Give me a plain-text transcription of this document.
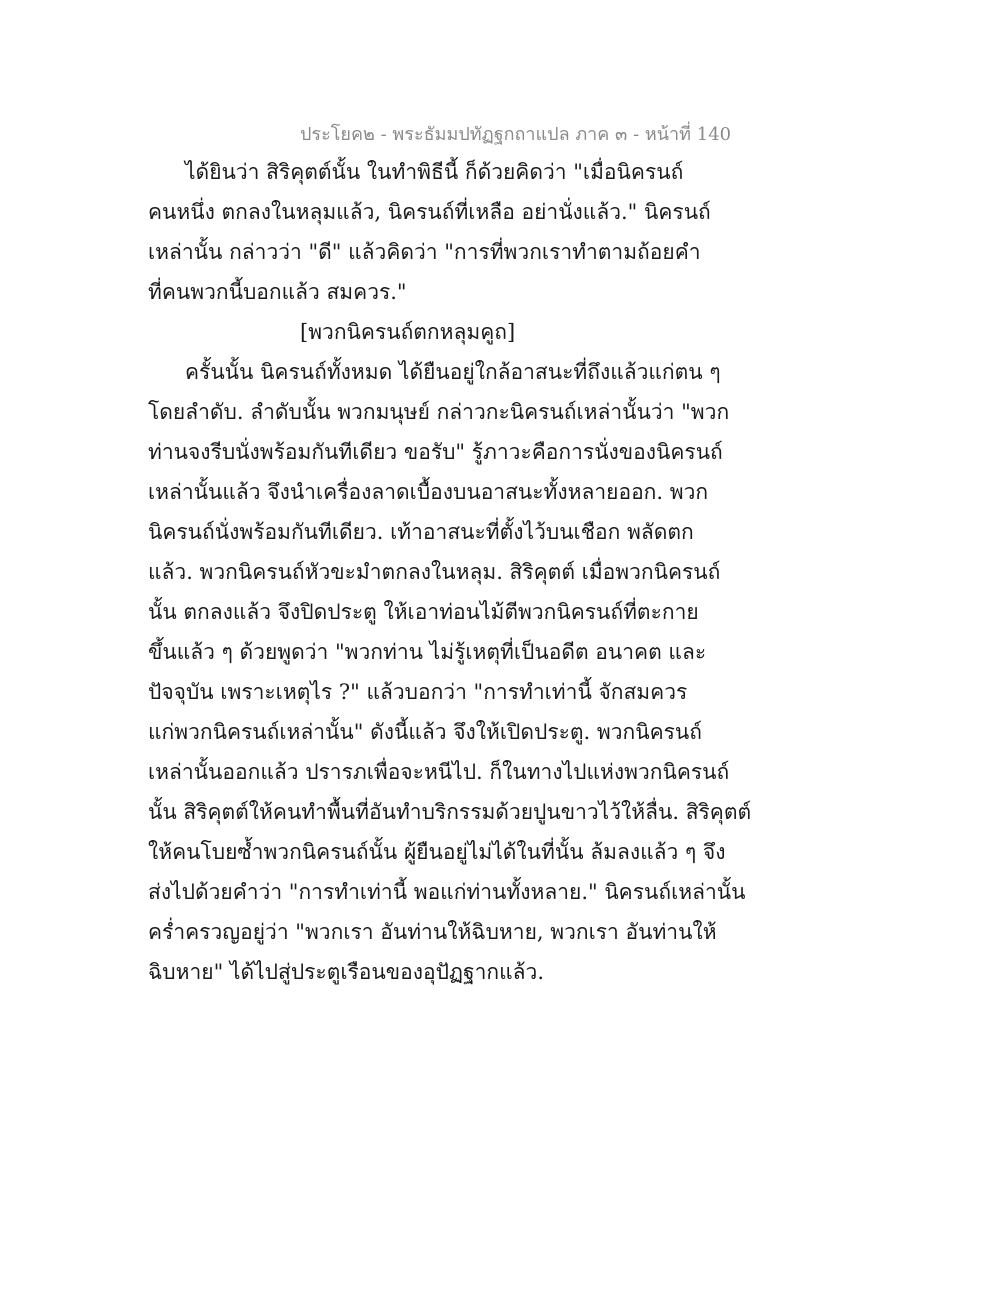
ประโยค๒ - พระธัมมปทัฏฐกถาแปล ภาค ๓ - หน้าที่ 140
ได้ยินว่า สิริคุตต์นั้น ในทำพิธีนี้ ก็ด้วยคิดว่า "เมื่อนิครนถ์
คนหนึ่ง ตกลงในหลุมแล้ว, นิครนถ์ที่เหลือ อย่านั่งแล้ว." นิครนถ์
เหล่านั้น กล่าวว่า "ดี" แล้วคิดว่า "การที่พวกเราทำตามถ้อยคำ
ที่คนพวกนี้บอกแล้ว สมควร."
[พวกนิครนถ์ตกหลุมคูถ]
ครั้นนั้น นิครนถ์ทั้งหมด ได้ยืนอยู่ใกล้อาสนะที่ถึงแล้วแก่ตน ๆ
โดยลำดับ. ลำดับนั้น พวกมนุษย์ กล่าวกะนิครนถ์เหล่านั้นว่า "พวก
ท่านจงรีบนั่งพร้อมกันทีเดียว ขอรับ" รู้ภาวะคือการนั่งของนิครนถ์
เหล่านั้นแล้ว จึงนำเครื่องลาดเบื้องบนอาสนะทั้งหลายออก. พวก
นิครนถ์นั่งพร้อมกันทีเดียว. เท้าอาสนะที่ตั้งไว้บนเชือก พลัดตก
แล้ว. พวกนิครนถ์หัวขะมำตกลงในหลุม. สิริคุตต์ เมื่อพวกนิครนถ์
นั้น ตกลงแล้ว จึงปิดประตู ให้เอาท่อนไม้ตีพวกนิครนถ์ที่ตะกาย
ขึ้นแล้ว ๆ ด้วยพูดว่า "พวกท่าน ไม่รู้เหตุที่เป็นอดีต อนาคต และ
ปัจจุบัน เพราะเหตุไร ?" แล้วบอกว่า "การทำเท่านี้ จักสมควร
แก่พวกนิครนถ์เหล่านั้น" ดังนี้แล้ว จึงให้เปิดประตู. พวกนิครนถ์
เหล่านั้นออกแล้ว ปรารภเพื่อจะหนีไป. ก็ในทางไปแห่งพวกนิครนถ์
นั้น สิริคุตต์ให้คนทำพื้นที่อันทำบริกรรมด้วยปูนขาวไว้ให้ลื่น. สิริคุตต์
ให้คนโบยซ้ำพวกนิครนถ์นั้น ผู้ยืนอยู่ไม่ได้ในที่นั้น ล้มลงแล้ว ๆ จึง
ส่งไปด้วยคำว่า "การทำเท่านี้ พอแก่ท่านทั้งหลาย." นิครนถ์เหล่านั้น
คร่ำครวญอยู่ว่า "พวกเรา อันท่านให้ฉิบหาย, พวกเรา อันท่านให้
ฉิบหาย" ได้ไปสู่ประตูเรือนของอุปัฏฐากแล้ว.
